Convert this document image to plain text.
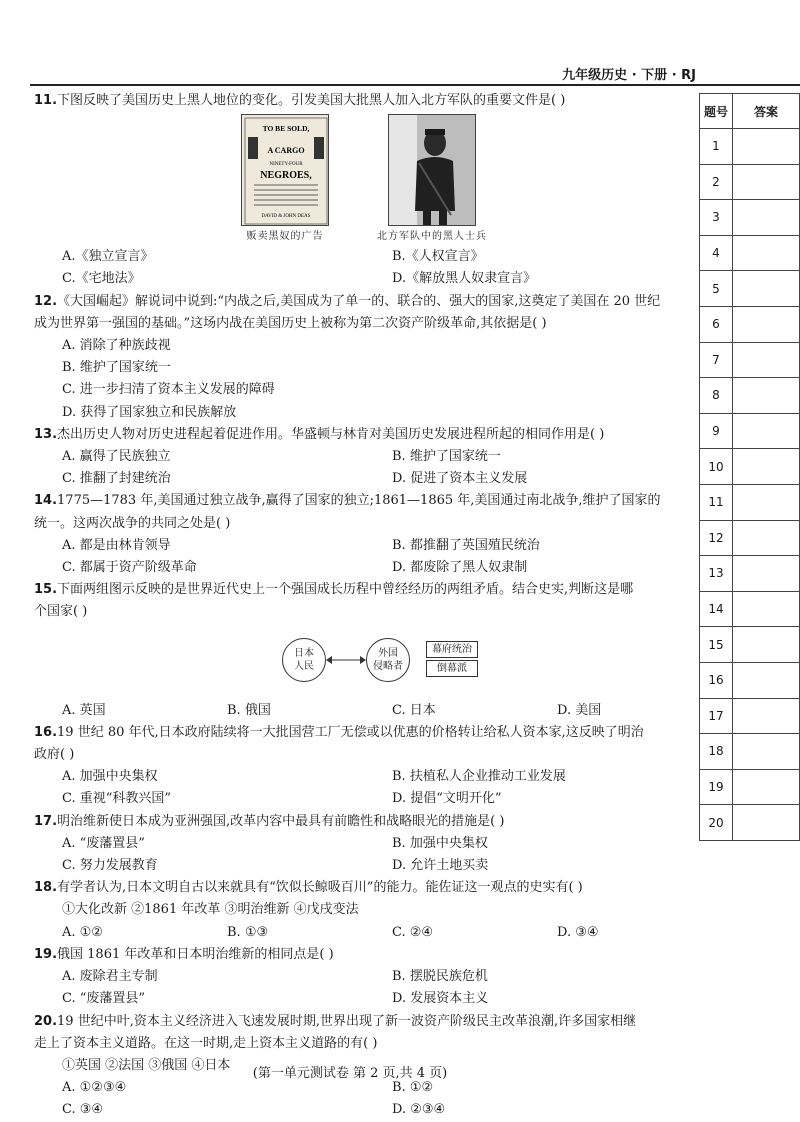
九年级历史 · 下册 · RJ
11.下图反映了美国历史上黑人地位的变化。引发美国大批黑人加入北方军队的重要文件是( )
TO BE SOLD,
A CARGO
NINETY-FOUR
NEGROES,
DAVID & JOHN DEAS
贩卖黑奴的广告	北方军队中的黑人士兵
A.《独立宣言》	B.《人权宣言》
C.《宅地法》	D.《解放黑人奴隶宣言》
12.《大国崛起》解说词中说到:“内战之后,美国成为了单一的、联合的、强大的国家,这奠定了美国在 20 世纪
成为世界第一强国的基础。”这场内战在美国历史上被称为第二次资产阶级革命,其依据是( )
A. 消除了种族歧视
B. 维护了国家统一
C. 进一步扫清了资本主义发展的障碍
D. 获得了国家独立和民族解放
13.杰出历史人物对历史进程起着促进作用。华盛顿与林肯对美国历史发展进程所起的相同作用是( )
A. 赢得了民族独立	B. 维护了国家统一
C. 推翻了封建统治	D. 促进了资本主义发展
14.1775—1783 年,美国通过独立战争,赢得了国家的独立;1861—1865 年,美国通过南北战争,维护了国家的
统一。这两次战争的共同之处是( )
A. 都是由林肯领导	B. 都推翻了英国殖民统治
C. 都属于资产阶级革命	D. 都废除了黑人奴隶制
15.下面两组图示反映的是世界近代史上一个强国成长历程中曾经经历的两组矛盾。结合史实,判断这是哪
个国家( )
日本
人民
外国
侵略者
幕府统治
倒幕派
A. 英国	B. 俄国	C. 日本	D. 美国
16.19 世纪 80 年代,日本政府陆续将一大批国营工厂无偿或以优惠的价格转让给私人资本家,这反映了明治
政府( )
A. 加强中央集权	B. 扶植私人企业推动工业发展
C. 重视“科教兴国”	D. 提倡“文明开化”
17.明治维新使日本成为亚洲强国,改革内容中最具有前瞻性和战略眼光的措施是( )
A. “废藩置县”	B. 加强中央集权
C. 努力发展教育	D. 允许土地买卖
18.有学者认为,日本文明自古以来就具有“饮似长鲸吸百川”的能力。能佐证这一观点的史实有( )
①大化改新 ②1861 年改革 ③明治维新 ④戊戌变法
A. ①②	B. ①③	C. ②④	D. ③④
19.俄国 1861 年改革和日本明治维新的相同点是( )
A. 废除君主专制	B. 摆脱民族危机
C. “废藩置县”	D. 发展资本主义
20.19 世纪中叶,资本主义经济进入飞速发展时期,世界出现了新一波资产阶级民主改革浪潮,许多国家相继
走上了资本主义道路。在这一时期,走上资本主义道路的有( )
①英国 ②法国 ③俄国 ④日本
A. ①②③④	B. ①②
C. ③④	D. ②③④
题号	答案
1	
2	
3	
4	
5	
6	
7	
8	
9	
10	
11	
12	
13	
14	
15	
16	
17	
18	
19	
20	
(第一单元测试卷 第 2 页,共 4 页)
